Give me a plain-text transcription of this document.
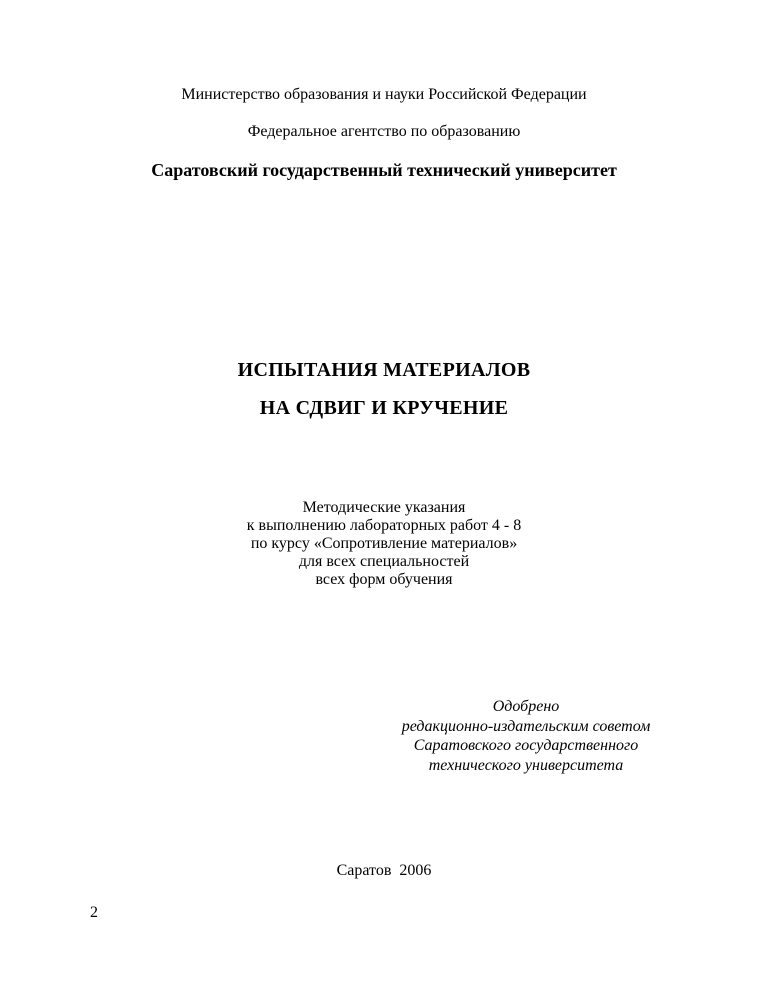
Министерство образования и науки Российской Федерации
Федеральное агентство по образованию
Саратовский государственный технический университет
ИСПЫТАНИЯ МАТЕРИАЛОВ
НА СДВИГ И КРУЧЕНИЕ
Методические указания
к выполнению лабораторных работ 4 - 8
по курсу «Сопротивление материалов»
для всех специальностей
всех форм обучения
Одобрено
редакционно-издательским советом
Саратовского государственного
технического университета
Саратов  2006
2
